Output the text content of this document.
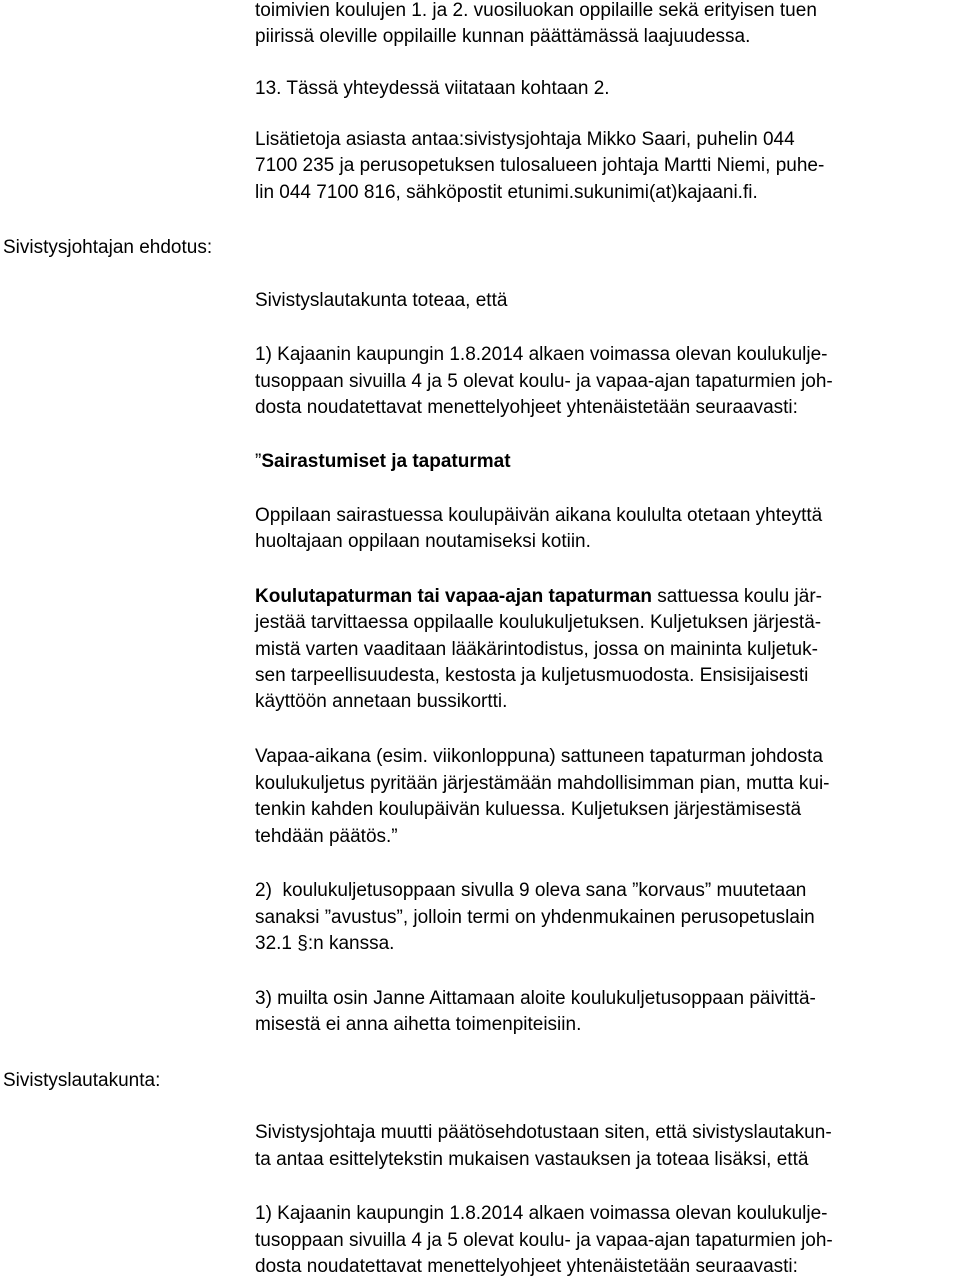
Sivistysjohtajan ehdotus:
Sivistyslautakunta:
toimivien koulujen 1. ja 2. vuosiluokan oppilaille sekä erityisen tuen
piirissä oleville oppilaille kunnan päättämässä laajuudessa.
13. Tässä yhteydessä viitataan kohtaan 2.
Lisätietoja asiasta antaa:sivistysjohtaja Mikko Saari, puhelin 044
7100 235 ja perusopetuksen tulosalueen johtaja Martti Niemi, puhe-
lin 044 7100 816, sähköpostit etunimi.sukunimi(at)kajaani.fi.
Sivistyslautakunta toteaa, että
1) Kajaanin kaupungin 1.8.2014 alkaen voimassa olevan koulukulje-
tusoppaan sivuilla 4 ja 5 olevat koulu- ja vapaa-ajan tapaturmien joh-
dosta noudatettavat menettelyohjeet yhtenäistetään seuraavasti:
”Sairastumiset ja tapaturmat
Oppilaan sairastuessa koulupäivän aikana koululta otetaan yhteyttä
huoltajaan oppilaan noutamiseksi kotiin.
Koulutapaturman tai vapaa-ajan tapaturman sattuessa koulu jär-
jestää tarvittaessa oppilaalle koulukuljetuksen. Kuljetuksen järjestä-
mistä varten vaaditaan lääkärintodistus, jossa on maininta kuljetuk-
sen tarpeellisuudesta, kestosta ja kuljetusmuodosta. Ensisijaisesti
käyttöön annetaan bussikortti.
Vapaa-aikana (esim. viikonloppuna) sattuneen tapaturman johdosta
koulukuljetus pyritään järjestämään mahdollisimman pian, mutta kui-
tenkin kahden koulupäivän kuluessa. Kuljetuksen järjestämisestä
tehdään päätös.”
2)  koulukuljetusoppaan sivulla 9 oleva sana ”korvaus” muutetaan
sanaksi ”avustus”, jolloin termi on yhdenmukainen perusopetuslain
32.1 §:n kanssa.
3) muilta osin Janne Aittamaan aloite koulukuljetusoppaan päivittä-
misestä ei anna aihetta toimenpiteisiin.
Sivistysjohtaja muutti päätösehdotustaan siten, että sivistyslautakun-
ta antaa esittelytekstin mukaisen vastauksen ja toteaa lisäksi, että
1) Kajaanin kaupungin 1.8.2014 alkaen voimassa olevan koulukulje-
tusoppaan sivuilla 4 ja 5 olevat koulu- ja vapaa-ajan tapaturmien joh-
dosta noudatettavat menettelyohjeet yhtenäistetään seuraavasti:
